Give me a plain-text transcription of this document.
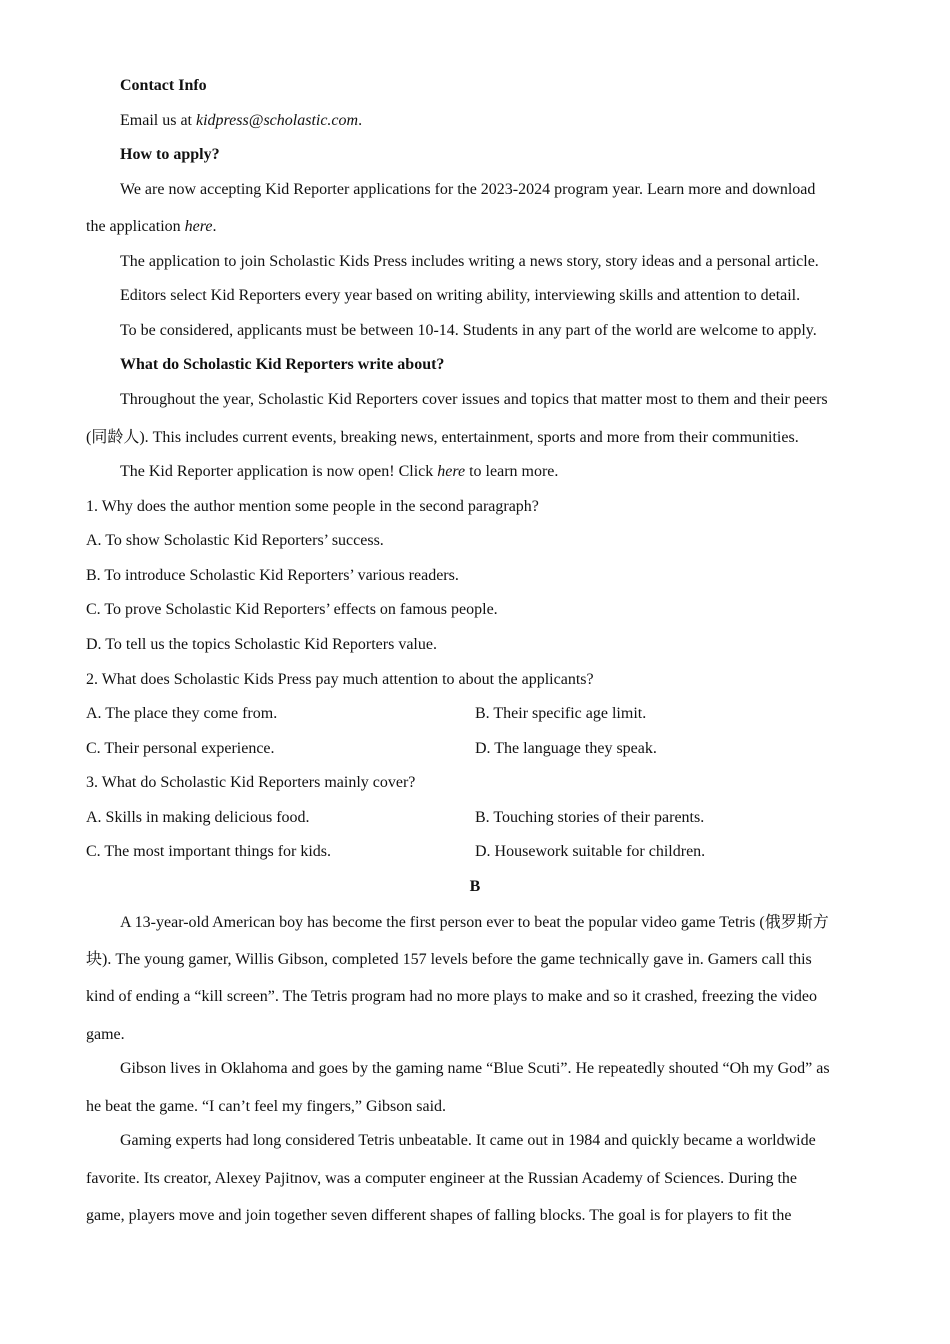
Contact Info
Email us at kidpress@scholastic.com.
How to apply?
We are now accepting Kid Reporter applications for the 2023-2024 program year. Learn more and download
the application here.
The application to join Scholastic Kids Press includes writing a news story, story ideas and a personal article.
Editors select Kid Reporters every year based on writing ability, interviewing skills and attention to detail.
To be considered, applicants must be between 10-14. Students in any part of the world are welcome to apply.
What do Scholastic Kid Reporters write about?
Throughout the year, Scholastic Kid Reporters cover issues and topics that matter most to them and their peers
(同龄人). This includes current events, breaking news, entertainment, sports and more from their communities.
The Kid Reporter application is now open! Click here to learn more.
1. Why does the author mention some people in the second paragraph?
A. To show Scholastic Kid Reporters’ success.
B. To introduce Scholastic Kid Reporters’ various readers.
C. To prove Scholastic Kid Reporters’ effects on famous people.
D. To tell us the topics Scholastic Kid Reporters value.
2. What does Scholastic Kids Press pay much attention to about the applicants?
A. The place they come from.	B. Their specific age limit.
C. Their personal experience.	D. The language they speak.
3. What do Scholastic Kid Reporters mainly cover?
A. Skills in making delicious food.	B. Touching stories of their parents.
C. The most important things for kids.	D. Housework suitable for children.
B
A 13-year-old American boy has become the first person ever to beat the popular video game Tetris (俄罗斯方
块). The young gamer, Willis Gibson, completed 157 levels before the game technically gave in. Gamers call this
kind of ending a “kill screen”. The Tetris program had no more plays to make and so it crashed, freezing the video
game.
Gibson lives in Oklahoma and goes by the gaming name “Blue Scuti”. He repeatedly shouted “Oh my God” as
he beat the game. “I can’t feel my fingers,” Gibson said.
Gaming experts had long considered Tetris unbeatable. It came out in 1984 and quickly became a worldwide
favorite. Its creator, Alexey Pajitnov, was a computer engineer at the Russian Academy of Sciences. During the
game, players move and join together seven different shapes of falling blocks. The goal is for players to fit the
